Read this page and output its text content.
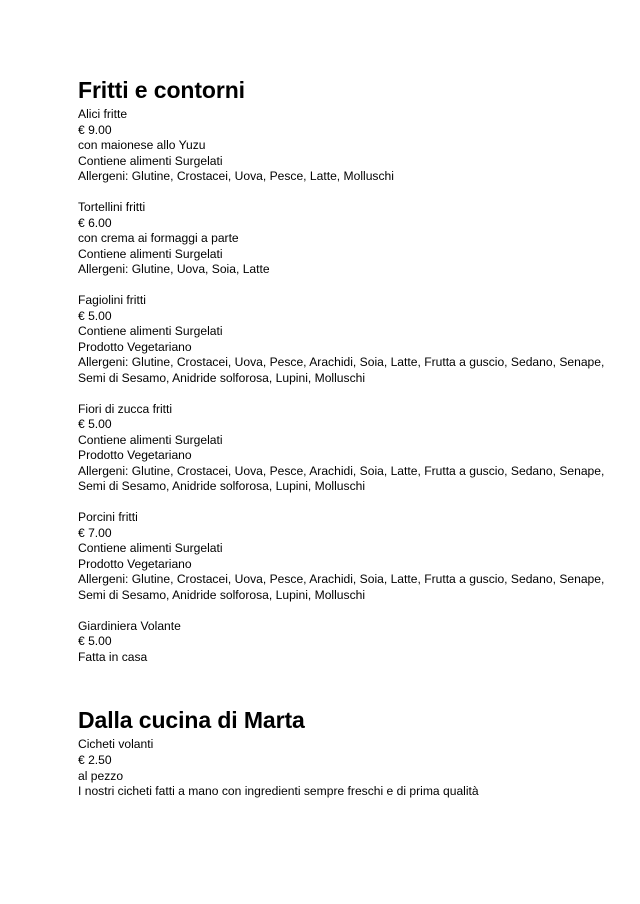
Fritti e contorni
Alici fritte
€ 9.00
con maionese allo Yuzu
Contiene alimenti Surgelati
Allergeni: Glutine, Crostacei, Uova, Pesce, Latte, Molluschi
Tortellini fritti
€ 6.00
con crema ai formaggi a parte
Contiene alimenti Surgelati
Allergeni: Glutine, Uova, Soia, Latte
Fagiolini fritti
€ 5.00
Contiene alimenti Surgelati
Prodotto Vegetariano
Allergeni: Glutine, Crostacei, Uova, Pesce, Arachidi, Soia, Latte, Frutta a guscio, Sedano, Senape, Semi di Sesamo, Anidride solforosa, Lupini, Molluschi
Fiori di zucca fritti
€ 5.00
Contiene alimenti Surgelati
Prodotto Vegetariano
Allergeni: Glutine, Crostacei, Uova, Pesce, Arachidi, Soia, Latte, Frutta a guscio, Sedano, Senape, Semi di Sesamo, Anidride solforosa, Lupini, Molluschi
Porcini fritti
€ 7.00
Contiene alimenti Surgelati
Prodotto Vegetariano
Allergeni: Glutine, Crostacei, Uova, Pesce, Arachidi, Soia, Latte, Frutta a guscio, Sedano, Senape, Semi di Sesamo, Anidride solforosa, Lupini, Molluschi
Giardiniera Volante
€ 5.00
Fatta in casa
Dalla cucina di Marta
Cicheti volanti
€ 2.50
al pezzo
I nostri cicheti fatti a mano con ingredienti sempre freschi e di prima qualità
